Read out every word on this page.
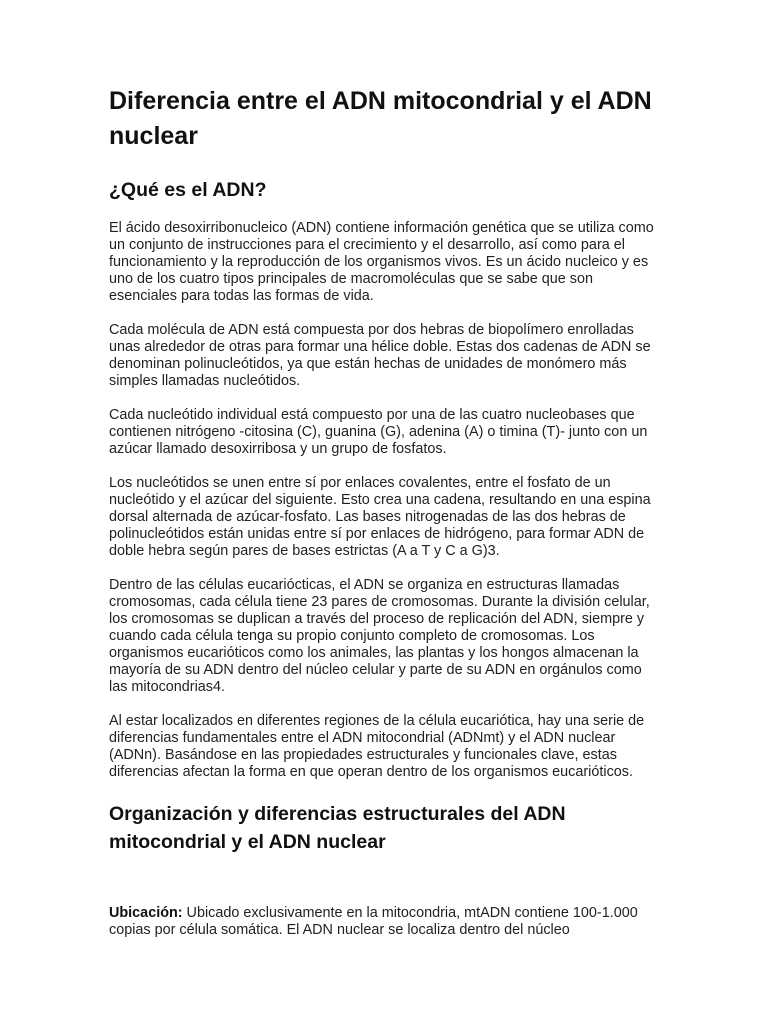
Diferencia entre el ADN mitocondrial y el ADN nuclear
¿Qué es el ADN?

El ácido desoxirribonucleico (ADN) contiene información genética que se utiliza como un conjunto de instrucciones para el crecimiento y el desarrollo, así como para el funcionamiento y la reproducción de los organismos vivos. Es un ácido nucleico y es uno de los cuatro tipos principales de macromoléculas que se sabe que son esenciales para todas las formas de vida.

Cada molécula de ADN está compuesta por dos hebras de biopolímero enrolladas unas alrededor de otras para formar una hélice doble. Estas dos cadenas de ADN se denominan polinucleótidos, ya que están hechas de unidades de monómero más simples llamadas nucleótidos.

Cada nucleótido individual está compuesto por una de las cuatro nucleobases que contienen nitrógeno -citosina (C), guanina (G), adenina (A) o timina (T)- junto con un azúcar llamado desoxirribosa y un grupo de fosfatos.

Los nucleótidos se unen entre sí por enlaces covalentes, entre el fosfato de un nucleótido y el azúcar del siguiente. Esto crea una cadena, resultando en una espina dorsal alternada de azúcar-fosfato. Las bases nitrogenadas de las dos hebras de polinucleótidos están unidas entre sí por enlaces de hidrógeno, para formar ADN de doble hebra según pares de bases estrictas (A a T y C a G)3.

Dentro de las células eucariócticas, el ADN se organiza en estructuras llamadas cromosomas, cada célula tiene 23 pares de cromosomas. Durante la división celular, los cromosomas se duplican a través del proceso de replicación del ADN, siempre y cuando cada célula tenga su propio conjunto completo de cromosomas. Los organismos eucarióticos como los animales, las plantas y los hongos almacenan la mayoría de su ADN dentro del núcleo celular y parte de su ADN en orgánulos como las mitocondrias4.

Al estar localizados en diferentes regiones de la célula eucariótica, hay una serie de diferencias fundamentales entre el ADN mitocondrial (ADNmt) y el ADN nuclear (ADNn). Basándose en las propiedades estructurales y funcionales clave, estas diferencias afectan la forma en que operan dentro de los organismos eucarióticos.

Organización y diferencias estructurales del ADN mitocondrial y el ADN nuclear

Ubicación: Ubicado exclusivamente en la mitocondria, mtADN contiene 100-1.000 copias por célula somática. El ADN nuclear se localiza dentro del núcleo
